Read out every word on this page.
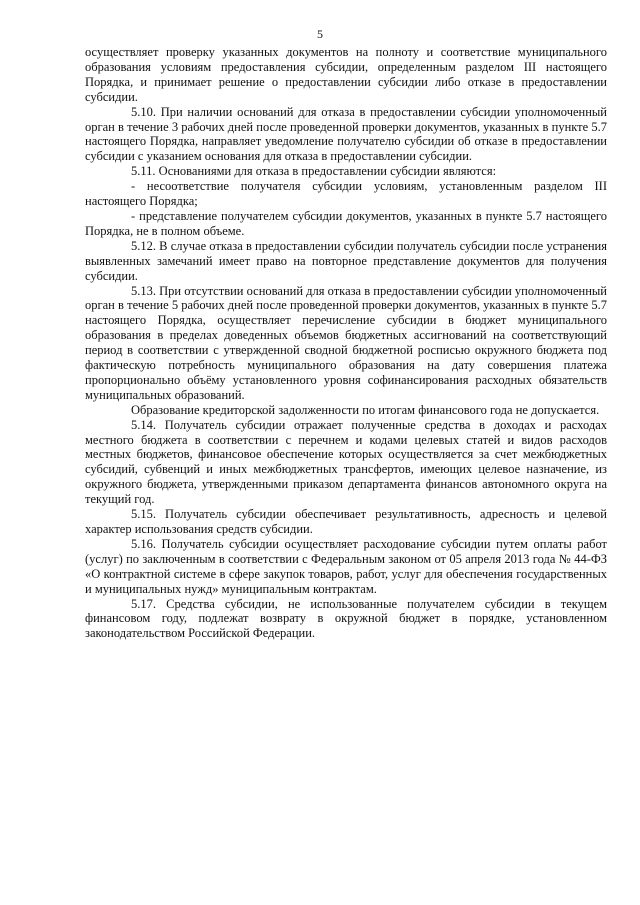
5

осуществляет проверку указанных документов на полноту и соответствие муниципального образования условиям предоставления субсидии, определенным разделом III настоящего Порядка, и принимает решение о предоставлении субсидии либо отказе в предоставлении субсидии.

5.10. При наличии оснований для отказа в предоставлении субсидии уполномоченный орган в течение 3 рабочих дней после проведенной проверки документов, указанных в пункте 5.7 настоящего Порядка, направляет уведомление получателю субсидии об отказе в предоставлении субсидии с указанием основания для отказа в предоставлении субсидии.

5.11. Основаниями для отказа в предоставлении субсидии являются:

- несоответствие получателя субсидии условиям, установленным разделом III настоящего Порядка;

- представление получателем субсидии документов, указанных в пункте 5.7 настоящего Порядка, не в полном объеме.

5.12. В случае отказа в предоставлении субсидии получатель субсидии после устранения выявленных замечаний имеет право на повторное представление документов для получения субсидии.

5.13. При отсутствии оснований для отказа в предоставлении субсидии уполномоченный орган в течение 5 рабочих дней после проведенной проверки документов, указанных в пункте 5.7 настоящего Порядка, осуществляет перечисление субсидии в бюджет муниципального образования в пределах доведенных объемов бюджетных ассигнований на соответствующий период в соответствии с утвержденной сводной бюджетной росписью окружного бюджета под фактическую потребность муниципального образования на дату совершения платежа пропорционально объёму установленного уровня софинансирования расходных обязательств муниципальных образований.

Образование кредиторской задолженности по итогам финансового года не допускается.

5.14. Получатель субсидии отражает полученные средства в доходах и расходах местного бюджета в соответствии с перечнем и кодами целевых статей и видов расходов местных бюджетов, финансовое обеспечение которых осуществляется за счет межбюджетных субсидий, субвенций и иных межбюджетных трансфертов, имеющих целевое назначение, из окружного бюджета, утвержденными приказом департамента финансов автономного округа на текущий год.

5.15. Получатель субсидии обеспечивает результативность, адресность и целевой характер использования средств субсидии.

5.16. Получатель субсидии осуществляет расходование субсидии путем оплаты работ (услуг) по заключенным в соответствии с Федеральным законом от 05 апреля 2013 года № 44-ФЗ «О контрактной системе в сфере закупок товаров, работ, услуг для обеспечения государственных и муниципальных нужд» муниципальным контрактам.

5.17. Средства субсидии, не использованные получателем субсидии в текущем финансовом году, подлежат возврату в окружной бюджет в порядке, установленном законодательством Российской Федерации.
